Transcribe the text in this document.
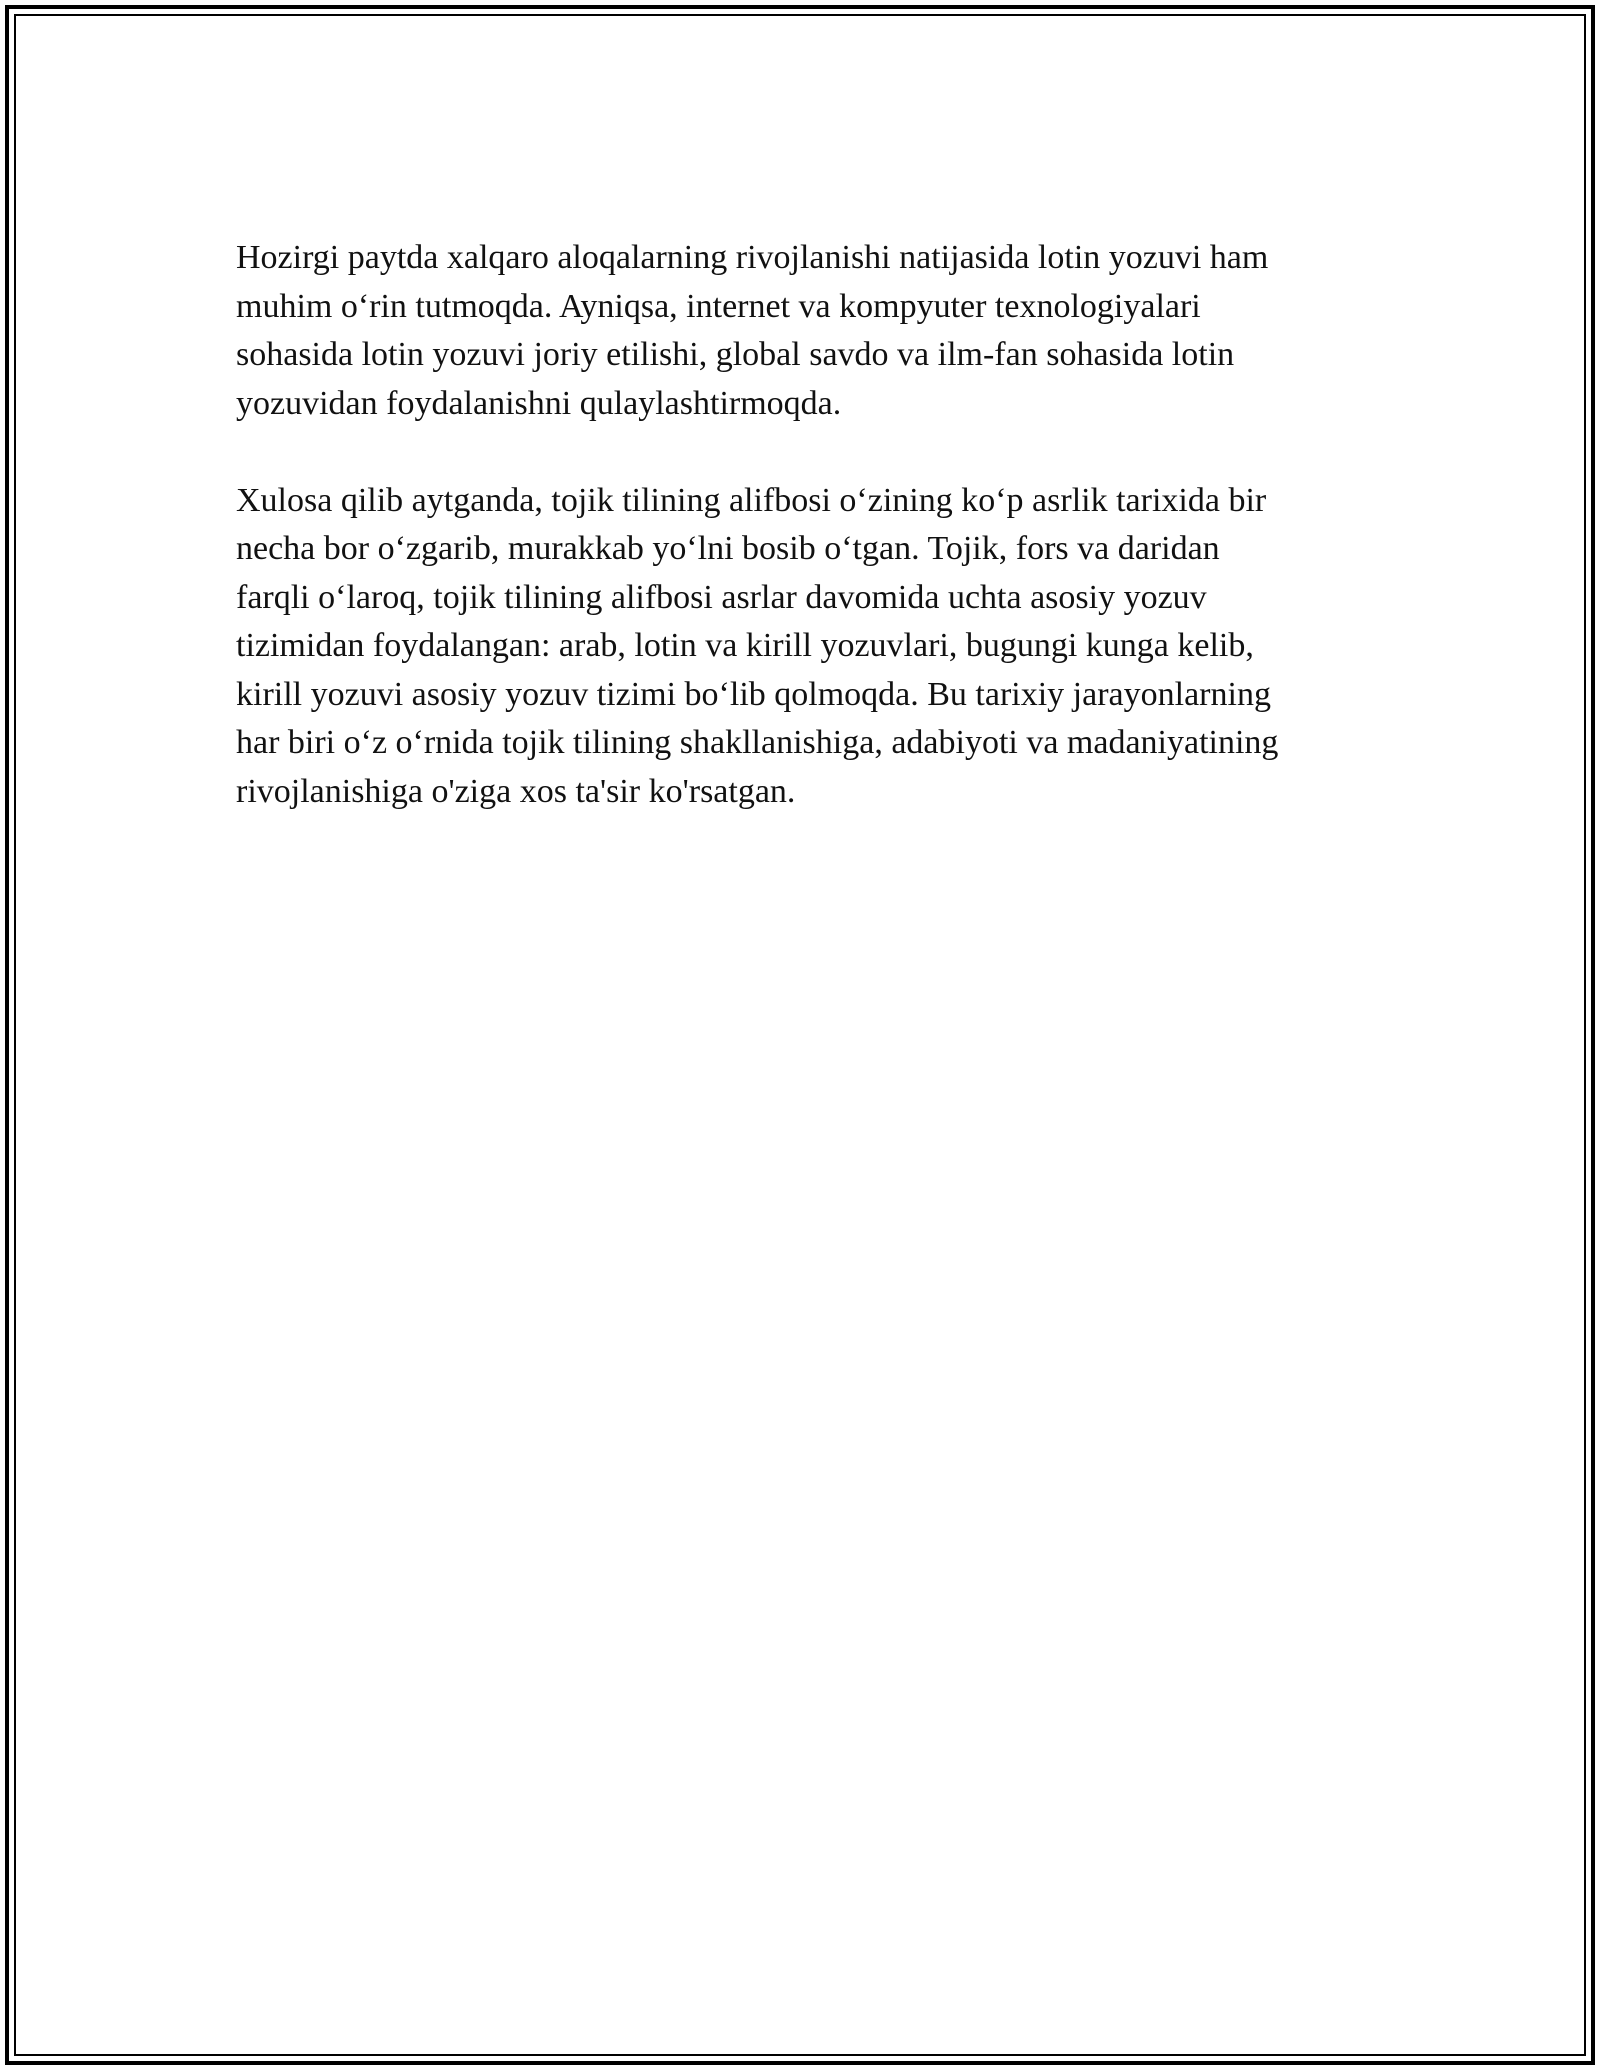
Hozirgi paytda xalqaro aloqalarning rivojlanishi natijasida lotin yozuvi ham
muhim o‘rin tutmoqda. Ayniqsa, internet va kompyuter texnologiyalari
sohasida lotin yozuvi joriy etilishi, global savdo va ilm-fan sohasida lotin
yozuvidan foydalanishni qulaylashtirmoqda.

Xulosa qilib aytganda, tojik tilining alifbosi o‘zining ko‘p asrlik tarixida bir
necha bor o‘zgarib, murakkab yo‘lni bosib o‘tgan. Tojik, fors va daridan
farqli o‘laroq, tojik tilining alifbosi asrlar davomida uchta asosiy yozuv
tizimidan foydalangan: arab, lotin va kirill yozuvlari, bugungi kunga kelib,
kirill yozuvi asosiy yozuv tizimi bo‘lib qolmoqda. Bu tarixiy jarayonlarning
har biri o‘z o‘rnida tojik tilining shakllanishiga, adabiyoti va madaniyatining
rivojlanishiga o'ziga xos ta'sir ko'rsatgan.
